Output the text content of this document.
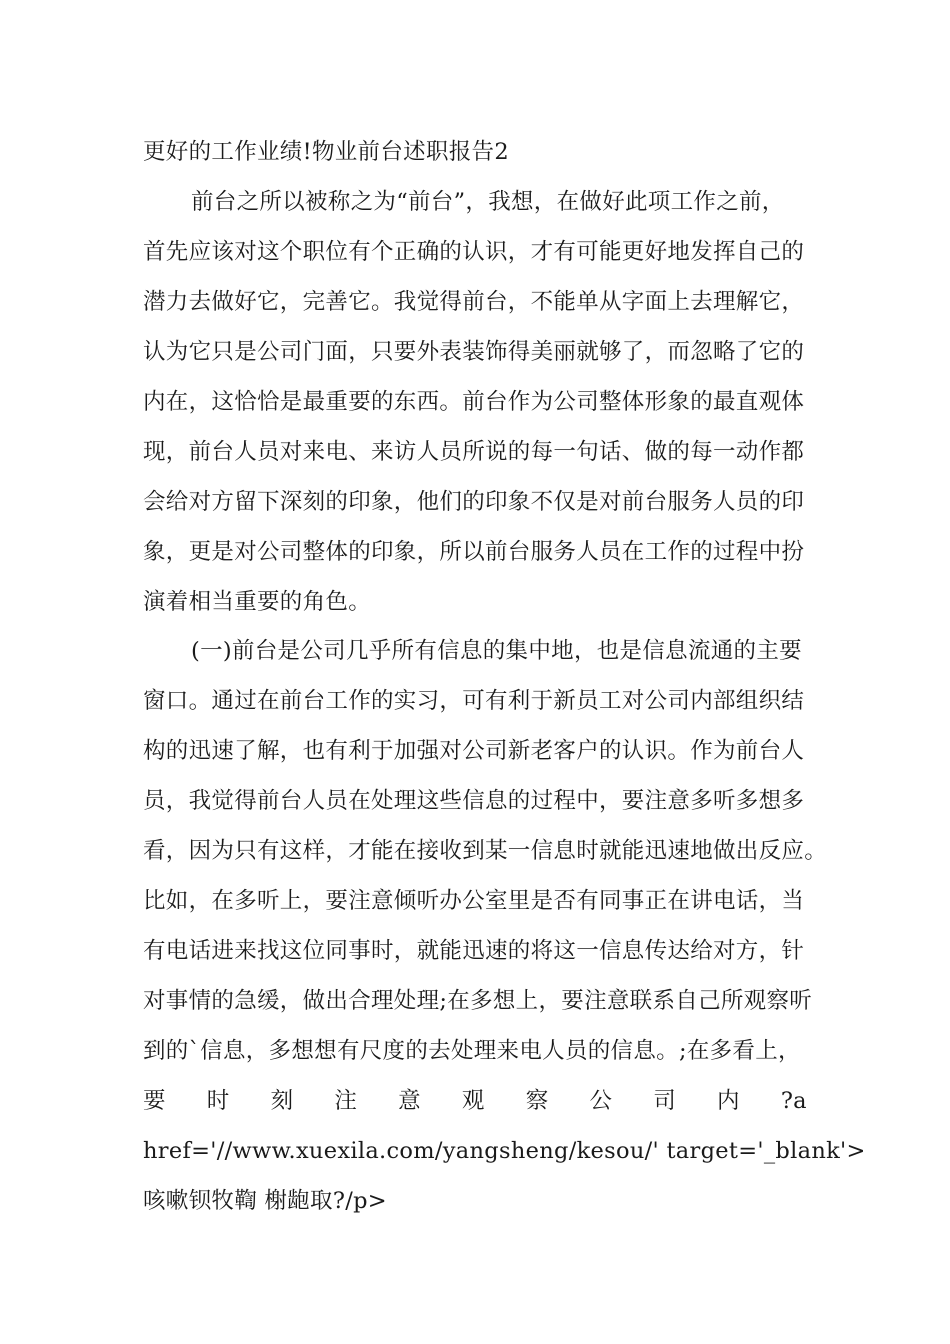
更好的工作业绩!物业前台述职报告2
前台之所以被称之为“前台”，我想，在做好此项工作之前，
首先应该对这个职位有个正确的认识，才有可能更好地发挥自己的
潜力去做好它，完善它。我觉得前台，不能单从字面上去理解它，
认为它只是公司门面，只要外表装饰得美丽就够了，而忽略了它的
内在，这恰恰是最重要的东西。前台作为公司整体形象的最直观体
现，前台人员对来电、来访人员所说的每一句话、做的每一动作都
会给对方留下深刻的印象，他们的印象不仅是对前台服务人员的印
象，更是对公司整体的印象，所以前台服务人员在工作的过程中扮
演着相当重要的角色。
(一)前台是公司几乎所有信息的集中地，也是信息流通的主要
窗口。通过在前台工作的实习，可有利于新员工对公司内部组织结
构的迅速了解，也有利于加强对公司新老客户的认识。作为前台人
员，我觉得前台人员在处理这些信息的过程中，要注意多听多想多
看，因为只有这样，才能在接收到某一信息时就能迅速地做出反应。
比如，在多听上，要注意倾听办公室里是否有同事正在讲电话，当
有电话进来找这位同事时，就能迅速的将这一信息传达给对方，针
对事情的急缓，做出合理处理;在多想上，要注意联系自己所观察听
到的`信息，多想想有尺度的去处理来电人员的信息。;在多看上，
要 时 刻 注 意 观 察 公 司 内 ?a
href='//www.xuexila.com/yangsheng/kesou/' target='_blank'>
咳嗽钡牧鞫 榭龅取?/p>
